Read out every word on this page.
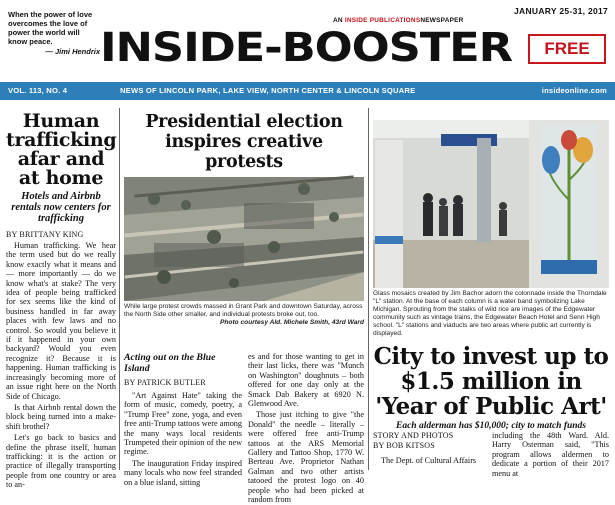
When the power of love overcomes the love of power the world will know peace.
— Jimi Hendrix
AN INSIDE PUBLICATIONSNEWSPAPER
JANUARY 25-31, 2017
INSIDE-BOOSTER	FREE
VOL. 113, NO. 4	NEWS OF LINCOLN PARK, LAKE VIEW, NORTH CENTER & LINCOLN SQUARE	insideonline.com
Human trafficking afar and at home
Hotels and Airbnb rentals now centers for trafficking
BY BRITTANY KING

Human trafficking. We hear the term used but do we really know exactly what it means and — more importantly — do we know what's at stake? The very idea of people being trafficked for sex seems like the kind of business handled in far away places with few laws and no control. So would you believe it if it happened in your own backyard? Would you even recognize it? Because it is happening. Human trafficking is increasingly becoming more of an issue right here on the North Side of Chicago.

Is that Airbnb rental down the block being turned into a make-shift brothel?

Let's go back to basics and define the phrase itself, human trafficking: it is the action or practice of illegally transporting people from one country or area to an-

Presidential election inspires creative protests
While large protest crowds massed in Grant Park and downtown Saturday, across the North Side other smaller, and individual protests broke out, too.
Photo courtesy Ald. Michele Smith, 43rd Ward
Acting out on the Blue Island
BY PATRICK BUTLER

"Art Against Hate" taking the form of music, comedy, poetry, a "Trump Free" zone, yoga, and even free anti-Trump tattoos were among the many ways local residents Trumpeted their opinion of the new regime.

The inauguration Friday inspired many locals who now feel stranded on a blue island, sitting

es and for those wanting to get in their last licks, there was "Munch on Washington" doughnuts – both offered for one day only at the Smack Dab Bakery at 6920 N. Glenwood Ave.

Those just itching to give "the Donald" the needle – literally – were offered free anti-Trump tattoos at the ARS Memorial Gallery and Tattoo Shop, 1770 W. Berteau Ave. Proprietor Nathan Galman and two other artists tatooed the protest logo on 40 people who had been picked at random from

Glass mosaics created by Jim Bachor adorn the colonnade inside the Thorndale "L" station. At the base of each column is a water band symbolizing Lake Michigan. Sprouting from the stalks of wild rice are images of the Edgewater community such as vintage trains, the Edgewater Beach Hotel and Senn High school. "L" stations and viaducts are two areas where public art currently is displayed.
City to invest up to $1.5 million in 'Year of Public Art'
Each alderman has $10,000; city to match funds
STORY AND PHOTOS
BY BOB KITSOS

The Dept. of Cultural Affairs

including the 48th Ward. Ald. Harry Osterman said, "This program allows aldermen to dedicate a portion of their 2017 menu at
